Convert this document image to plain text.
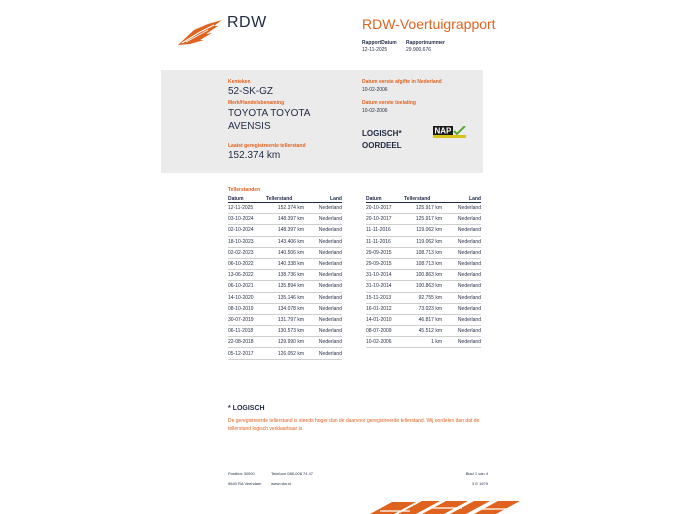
RDW	RDW-Voertuigrapport
RapportDatum
12-11-2025
Rapportnummer
29.900.676
Kenteken
52-SK-GZ
Merk/Handelsbenaming
TOYOTA TOYOTA
AVENSIS
Laatst geregistreerde tellerstand
152.374 km
Datum eerste afgifte in Nederland
10-02-2006
Datum eerste toelating
10-02-2006
LOGISCH*
OORDEEL
NAP
Tellerstanden
Datum	Tellerstand	Land
12-11-2025	152.374 km	Nederland
03-10-2024	148.397 km	Nederland
02-10-2024	148.397 km	Nederland
18-10-2023	143.406 km	Nederland
02-02-2023	140.506 km	Nederland
06-10-2022	140.338 km	Nederland
13-06-2022	138.736 km	Nederland
06-10-2021	135.894 km	Nederland
14-10-2020	135.146 km	Nederland
08-10-2019	134.078 km	Nederland
30-07-2019	131.797 km	Nederland
06-11-2018	130.573 km	Nederland
22-08-2018	129.990 km	Nederland
05-12-2017	126.052 km	Nederland
Datum	Tellerstand	Land
20-10-2017	125.917 km	Nederland
20-10-2017	125.917 km	Nederland
11-11-2016	119.062 km	Nederland
11-11-2016	119.062 km	Nederland
29-09-2015	108.713 km	Nederland
29-09-2015	108.713 km	Nederland
31-10-2014	100.863 km	Nederland
31-10-2014	100.863 km	Nederland
15-11-2013	92.755 km	Nederland
16-01-2012	73.023 km	Nederland
14-01-2010	46.817 km	Nederland
08-07-2009	45.512 km	Nederland
10-02-2006	1 km	Nederland
* LOGISCH
De geregistreerde tellerstand is steeds hoger dan de daarvoor geregistreerde tellerstand. Wij oordelen dan dat de tellerstand logisch verklaarbaar is.
Postbus 30000
9640 RA Veendam
Telefoon 088-008 74 47
www.rdw.nl
Blad 1 van 4
3 E 1679
